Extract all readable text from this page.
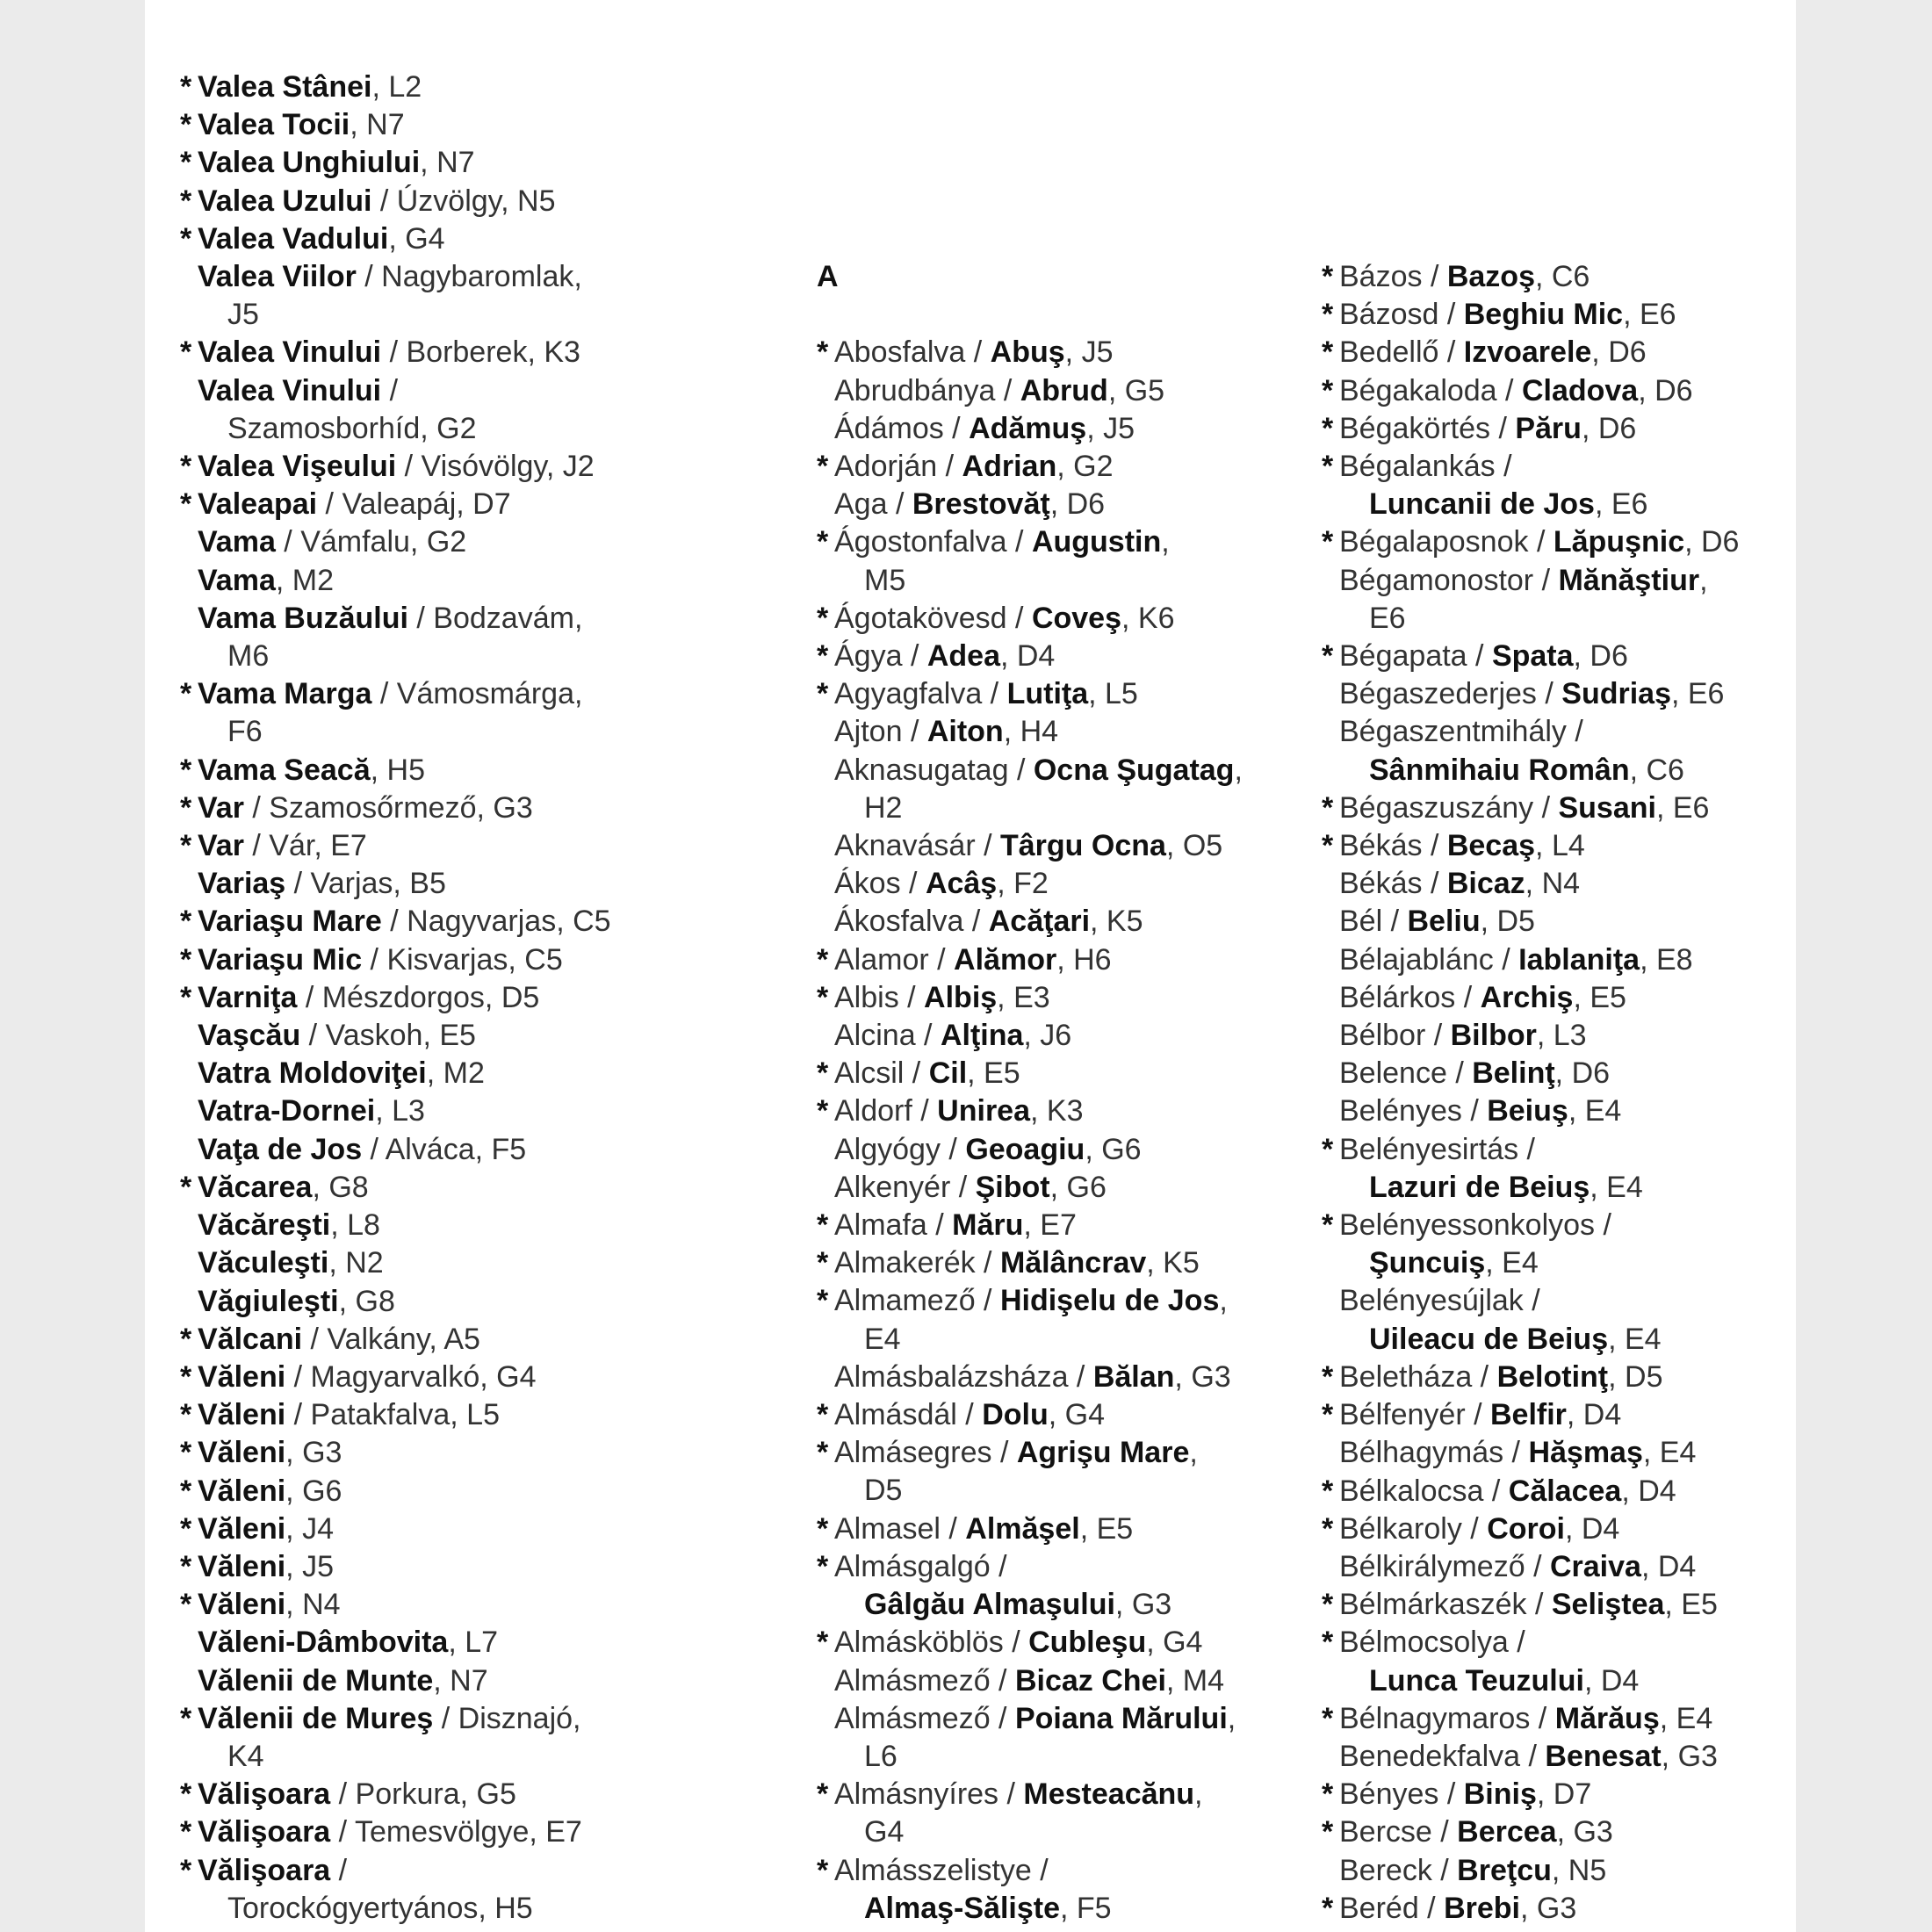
* Valea Stânei, L2
* Valea Tocii, N7
* Valea Unghiului, N7
* Valea Uzului / Úzvölgy, N5
* Valea Vadului, G4
Valea Viilor / Nagybaromlak,
J5
* Valea Vinului / Borberek, K3
Valea Vinului /
Szamosborhíd, G2
* Valea Vişeului / Visóvölgy, J2
* Valeapai / Valeapáj, D7
Vama / Vámfalu, G2
Vama, M2
Vama Buzăului / Bodzavám,
M6
* Vama Marga / Vámosmárga,
F6
* Vama Seacă, H5
* Var / Szamosőrmező, G3
* Var / Vár, E7
Variaş / Varjas, B5
* Variaşu Mare / Nagyvarjas, C5
* Variaşu Mic / Kisvarjas, C5
* Varniţa / Mészdorgos, D5
Vaşcău / Vaskoh, E5
Vatra Moldoviţei, M2
Vatra-Dornei, L3
Vaţa de Jos / Alváca, F5
* Văcarea, G8
Văcăreşti, L8
Văculeşti, N2
Văgiuleşti, G8
* Vălcani / Valkány, A5
* Văleni / Magyarvalkó, G4
* Văleni / Patakfalva, L5
* Văleni, G3
* Văleni, G6
* Văleni, J4
* Văleni, J5
* Văleni, N4
Văleni-Dâmbovita, L7
Vălenii de Munte, N7
* Vălenii de Mureş / Disznajó,
K4
* Vălişoara / Porkura, G5
* Vălişoara / Temesvölgye, E7
* Vălişoara /
Torockógyertyános, H5
A
* Abosfalva / Abuş, J5
Abrudbánya / Abrud, G5
Ádámos / Adămuş, J5
* Adorján / Adrian, G2
Aga / Brestovăţ, D6
* Ágostonfalva / Augustin,
M5
* Ágotakövesd / Coveş, K6
* Ágya / Adea, D4
* Agyagfalva / Lutiţa, L5
Ajton / Aiton, H4
Aknasugatag / Ocna Şugatag,
H2
Aknavásár / Târgu Ocna, O5
Ákos / Acâş, F2
Ákosfalva / Acăţari, K5
* Alamor / Alămor, H6
* Albis / Albiş, E3
Alcina / Alţina, J6
* Alcsil / Cil, E5
* Aldorf / Unirea, K3
Algyógy / Geoagiu, G6
Alkenyér / Şibot, G6
* Almafa / Măru, E7
* Almakerék / Mălâncrav, K5
* Almamező / Hidişelu de Jos,
E4
Almásbalázsháza / Bălan, G3
* Almásdál / Dolu, G4
* Almásegres / Agrişu Mare,
D5
* Almasel / Almăşel, E5
* Almásgalgó /
Gâlgău Almaşului, G3
* Almásköblös / Cubleşu, G4
Almásmező / Bicaz Chei, M4
Almásmező / Poiana Mărului,
L6
* Almásnyíres / Mesteacănu,
G4
* Almásszelistye /
Almaş-Sălişte, F5
* Bázos / Bazoş, C6
* Bázosd / Beghiu Mic, E6
* Bedellő / Izvoarele, D6
* Bégakaloda / Cladova, D6
* Bégakörtés / Păru, D6
* Bégalankás /
Luncanii de Jos, E6
* Bégalaposnok / Lăpuşnic, D6
Bégamonostor / Mănăştiur,
E6
* Bégapata / Spata, D6
Bégaszederjes / Sudriaş, E6
Bégaszentmihály /
Sânmihaiu Român, C6
* Bégaszuszány / Susani, E6
* Békás / Becaş, L4
Békás / Bicaz, N4
Bél / Beliu, D5
Bélajablánc / Iablaniţa, E8
Bélárkos / Archiş, E5
Bélbor / Bilbor, L3
Belence / Belinţ, D6
Belényes / Beiuş, E4
* Belényesirtás /
Lazuri de Beiuş, E4
* Belényessonkolyos /
Şuncuiş, E4
Belényesújlak /
Uileacu de Beiuş, E4
* Beletháza / Belotinţ, D5
* Bélfenyér / Belfir, D4
Bélhagymás / Hăşmaş, E4
* Bélkalocsa / Călacea, D4
* Bélkaroly / Coroi, D4
Bélkirálymező / Craiva, D4
* Bélmárkaszék / Seliştea, E5
* Bélmocsolya /
Lunca Teuzului, D4
* Bélnagymaros / Mărăuş, E4
Benedekfalva / Benesat, G3
* Bényes / Biniş, D7
* Bercse / Bercea, G3
Bereck / Breţcu, N5
* Beréd / Brebi, G3
